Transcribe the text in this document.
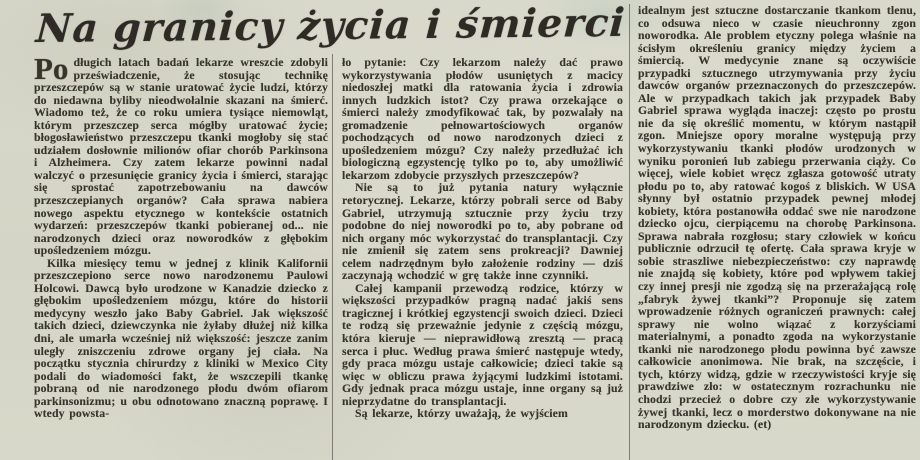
Na granicy życia i śmierci

Po długich latach badań lekarze wreszcie zdobyli przeświadczenie, że stosując technikę przeszczepów są w stanie uratować życie ludzi, którzy do niedawna byliby nieodwołalnie skazani na śmierć. Wiadomo też, że co roku umiera tysiące niemowląt, którym przeszczep serca mógłby uratować życie; błogosławieństwo przeszczepu tkanki mogłoby się stać udziałem dosłownie milionów ofiar chorób Parkinsona i Alzheimera. Czy zatem lekarze powinni nadal walczyć o przesunięcie granicy życia i śmierci, starając się sprostać zapotrzebowaniu na dawców przeszczepianych organów? Cała sprawa nabiera nowego aspektu etycznego w kontekście ostatnich wydarzeń: przeszczepów tkanki pobieranej od... nie narodzonych dzieci oraz noworodków z głębokim upośledzeniem mózgu.

Kilka miesięcy temu w jednej z klinik Kalifornii przeszczepiono serce nowo narodzonemu Paulowi Holcowi. Dawcą było urodzone w Kanadzie dziecko z głębokim upośledzeniem mózgu, które do historii medycyny weszło jako Baby Gabriel. Jak większość takich dzieci, dziewczynka nie żyłaby dłużej niż kilka dni, ale umarła wcześniej niż większość: jeszcze zanim uległy zniszczeniu zdrowe organy jej ciała. Na początku stycznia chirurdzy z kliniki w Mexico City podali do wiadomości fakt, że wszczepili tkankę pobraną od nie narodzonego płodu dwóm ofiarom parkinsonizmu; u obu odnotowano znaczną poprawę. I wtedy powsta-

ło pytanie: Czy lekarzom należy dać prawo wykorzystywania płodów usuniętych z macicy niedoszłej matki dla ratowania życia i zdrowia innych ludzkich istot? Czy prawa orzekające o śmierci należy zmodyfikować tak, by pozwalały na gromadzenie pełnowartościowych organów pochodzących od nowo narodzonych dzieci z upośledzeniem mózgu? Czy należy przedłużać ich biologiczną egzystencję tylko po to, aby umożliwić lekarzom zdobycie przyszłych przeszczepów?

Nie są to już pytania natury wyłącznie retorycznej. Lekarze, którzy pobrali serce od Baby Gabriel, utrzymują sztucznie przy życiu trzy podobne do niej noworodki po to, aby pobrane od nich organy móc wykorzystać do transplantacji. Czy nie zmienił się zatem sens prokreacji? Dawniej celem nadrzędnym było założenie rodziny — dziś zaczynają wchodzić w grę także inne czynniki.

Całej kampanii przewodzą rodzice, którzy w większości przypadków pragną nadać jakiś sens tragicznej i krótkiej egzystencji swoich dzieci. Dzieci te rodzą się przeważnie jedynie z częścią mózgu, która kieruje — nieprawidłową zresztą — pracą serca i płuc. Według prawa śmierć następuje wtedy, gdy praca mózgu ustaje całkowicie; dzieci takie są więc w obliczu prawa żyjącymi ludzkimi istotami. Gdy jednak praca mózgu ustaje, inne organy są już nieprzydatne do transplantacji.

Są lekarze, którzy uważają, że wyjściem

idealnym jest sztuczne dostarczanie tkankom tlenu, co odsuwa nieco w czasie nieuchronny zgon noworodka. Ale problem etyczny polega właśnie na ścisłym określeniu granicy między życiem a śmiercią. W medycynie znane są oczywiście przypadki sztucznego utrzymywania przy życiu dawców organów przeznaczonych do przeszczepów. Ale w przypadkach takich jak przypadek Baby Gabriel sprawa wygląda inaczej: często po prostu nie da się określić momentu, w którym nastąpił zgon. Mniejsze opory moralne występują przy wykorzystywaniu tkanki płodów urodzonych w wyniku poronień lub zabiegu przerwania ciąży. Co więcej, wiele kobiet wręcz zgłasza gotowość utraty płodu po to, aby ratować kogoś z bliskich. W USA słynny był ostatnio przypadek pewnej młodej kobiety, która postanowiła oddać swe nie narodzone dziecko ojcu, cierpiącemu na chorobę Parkinsona. Sprawa nabrała rozgłosu; stary człowiek w końcu publicznie odrzucił tę ofertę. Cała sprawa kryje w sobie straszliwe niebezpieczeństwo: czy naprawdę nie znajdą się kobiety, które pod wpływem takiej czy innej presji nie zgodzą się na przerażającą rolę „fabryk żywej tkanki”? Proponuje się zatem wprowadzenie różnych ograniczeń prawnych: całej sprawy nie wolno wiązać z korzyściami materialnymi, a ponadto zgoda na wykorzystanie tkanki nie narodzonego płodu powinna być zawsze całkowicie anonimowa. Nie brak, na szczęście, i tych, którzy widzą, gdzie w rzeczywistości kryje się prawdziwe zło: w ostatecznym rozrachunku nie chodzi przecież o dobre czy złe wykorzystywanie żywej tkanki, lecz o morderstwo dokonywane na nie narodzonym dziecku. (et)
